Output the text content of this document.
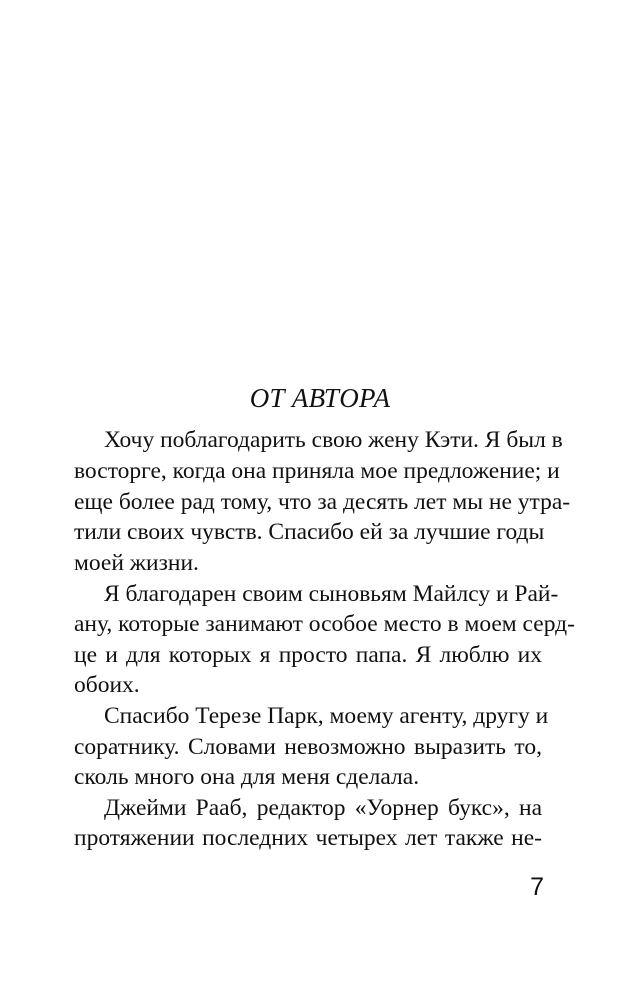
ОТ АВТОРА
Хочу поблагодарить свою жену Кэти. Я был в
восторге, когда она приняла мое предложение; и
еще более рад тому, что за десять лет мы не утра-
тили своих чувств. Спасибо ей за лучшие годы
моей жизни.
Я благодарен своим сыновьям Майлсу и Рай-
ану, которые занимают особое место в моем серд-
це и для которых я просто папа. Я люблю их
обоих.
Спасибо Терезе Парк, моему агенту, другу и
соратнику. Словами невозможно выразить то,
сколь много она для меня сделала.
Джейми Рааб, редактор «Уорнер букс», на
протяжении последних четырех лет также не-
7
